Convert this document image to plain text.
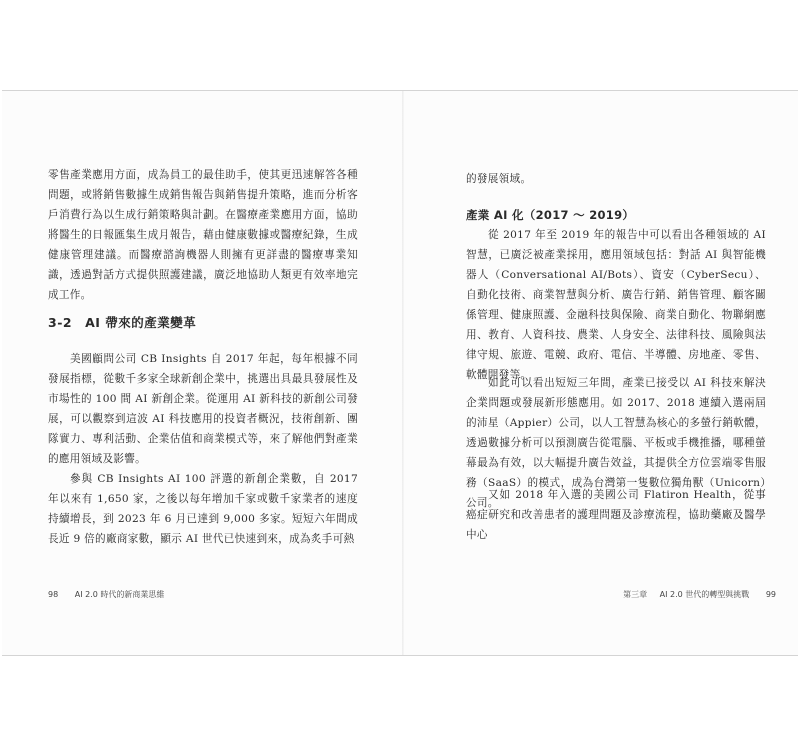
零售產業應用方面，成為員工的最佳助手，使其更迅速解答各種問題，或將銷售數據生成銷售報告與銷售提升策略，進而分析客戶消費行為以生成行銷策略與計劃。在醫療產業應用方面，協助將醫生的日報匯集生成月報告，藉由健康數據或醫療紀錄，生成健康管理建議。而醫療諮詢機器人則擁有更詳盡的醫療專業知識，透過對話方式提供照護建議，廣泛地協助人類更有效率地完成工作。

3-2　AI 帶來的產業變革

美國顧問公司 CB Insights 自 2017 年起，每年根據不同發展指標，從數千多家全球新創企業中，挑選出具最具發展性及市場性的 100 間 AI 新創企業。從運用 AI 新科技的新創公司發展，可以觀察到這波 AI 科技應用的投資者概況，技術創新、團隊實力、專利活動、企業估值和商業模式等，來了解他們對產業的應用領域及影響。

參與 CB Insights AI 100 評選的新創企業數，自 2017 年以來有 1,650 家，之後以每年增加千家或數千家業者的速度持續增長，到 2023 年 6 月已達到 9,000 多家。短短六年間成長近 9 倍的廠商家數，顯示 AI 世代已快速到來，成為炙手可熱

98 AI 2.0 時代的新商業思維

的發展領域。

產業 AI 化（2017 ～ 2019）

從 2017 年至 2019 年的報告中可以看出各種領域的 AI 智慧，已廣泛被產業採用，應用領域包括：對話 AI 與智能機器人（Conversational AI/Bots）、資安（CyberSecu）、自動化技術、商業智慧與分析、廣告行銷、銷售管理、顧客關係管理、健康照護、金融科技與保險、商業自動化、物聯網應用、教育、人資科技、農業、人身安全、法律科技、風險與法律守規、旅遊、電競、政府、電信、半導體、房地產、零售、軟體開發等。

如此可以看出短短三年間，產業已接受以 AI 科技來解決企業問題或發展新形態應用。如 2017、2018 連續入選兩屆的沛星（Appier）公司，以人工智慧為核心的多螢行銷軟體，透過數據分析可以預測廣告從電腦、平板或手機推播，哪種螢幕最為有效，以大幅提升廣告效益，其提供全方位雲端零售服務（SaaS）的模式，成為台灣第一隻數位獨角獸（Unicorn）公司。

又如 2018 年入選的美國公司 Flatiron Health，從事癌症研究和改善患者的護理問題及診療流程，協助藥廠及醫學中心

第三章 AI 2.0 世代的轉型與挑戰 99
